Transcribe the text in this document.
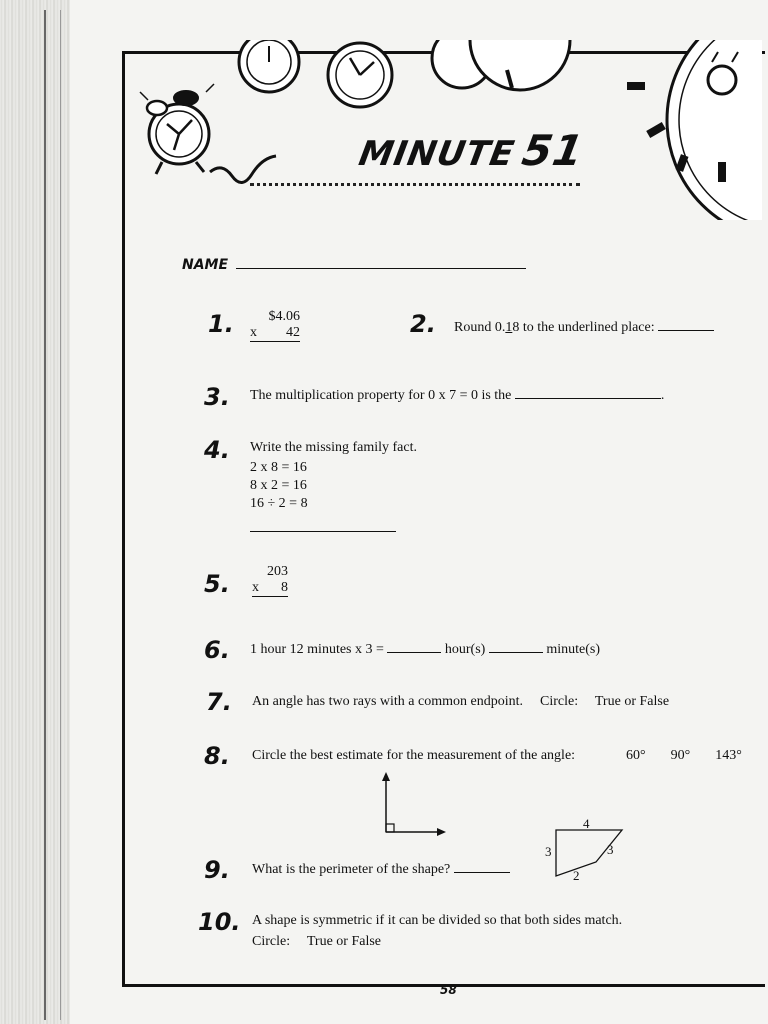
MINUTE51
NAME
1.	$4.06
x 42	2. Round 0.18 to the underlined place:
3. The multiplication property for 0 x 7 = 0 is the	.
4. Write the missing family fact.
2 x 8 = 16
8 x 2 = 16
16 ÷ 2 = 8
5.	203
x 8
6. 1 hour 12 minutes x 3 =	hour(s)	minute(s)
7. An angle has two rays with a common endpoint. Circle: True or False
8. Circle the best estimate for the measurement of the angle:	60° 90° 143°
9. What is the perimeter of the shape?
4
3	3
2
10. A shape is symmetric if it can be divided so that both sides match.
Circle: True or False
58
